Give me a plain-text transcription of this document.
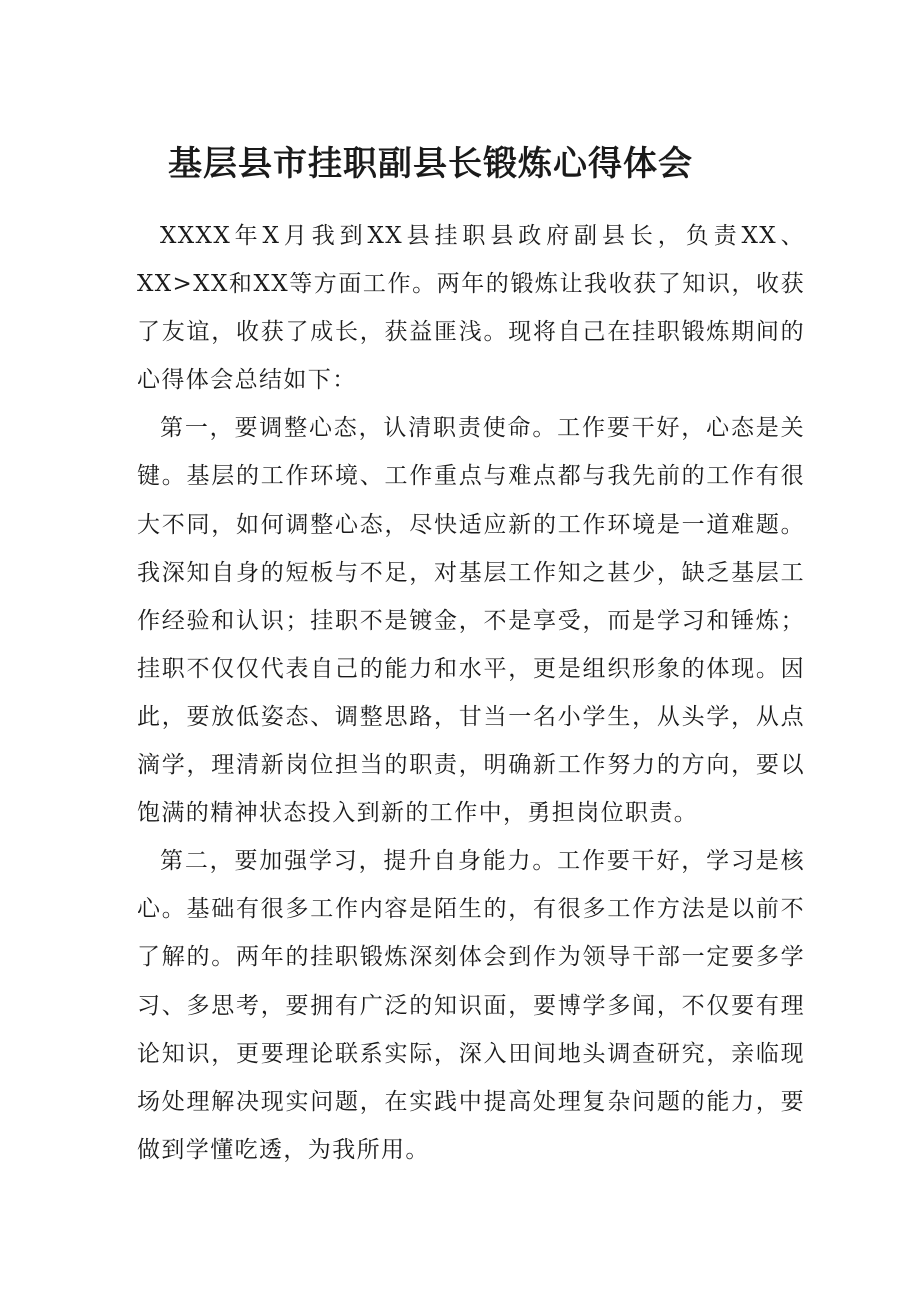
基层县市挂职副县长锻炼心得体会

XXXX年X月我到XX县挂职县政府副县长，负责XX、XX>XX和XX等方面工作。两年的锻炼让我收获了知识，收获了友谊，收获了成长，获益匪浅。现将自己在挂职锻炼期间的心得体会总结如下：

第一，要调整心态，认清职责使命。工作要干好，心态是关键。基层的工作环境、工作重点与难点都与我先前的工作有很大不同，如何调整心态，尽快适应新的工作环境是一道难题。我深知自身的短板与不足，对基层工作知之甚少，缺乏基层工作经验和认识；挂职不是镀金，不是享受，而是学习和锤炼；挂职不仅仅代表自己的能力和水平，更是组织形象的体现。因此，要放低姿态、调整思路，甘当一名小学生，从头学，从点滴学，理清新岗位担当的职责，明确新工作努力的方向，要以饱满的精神状态投入到新的工作中，勇担岗位职责。

第二，要加强学习，提升自身能力。工作要干好，学习是核心。基础有很多工作内容是陌生的，有很多工作方法是以前不了解的。两年的挂职锻炼深刻体会到作为领导干部一定要多学习、多思考，要拥有广泛的知识面，要博学多闻，不仅要有理论知识，更要理论联系实际，深入田间地头调查研究，亲临现场处理解决现实问题，在实践中提高处理复杂问题的能力，要做到学懂吃透，为我所用。
